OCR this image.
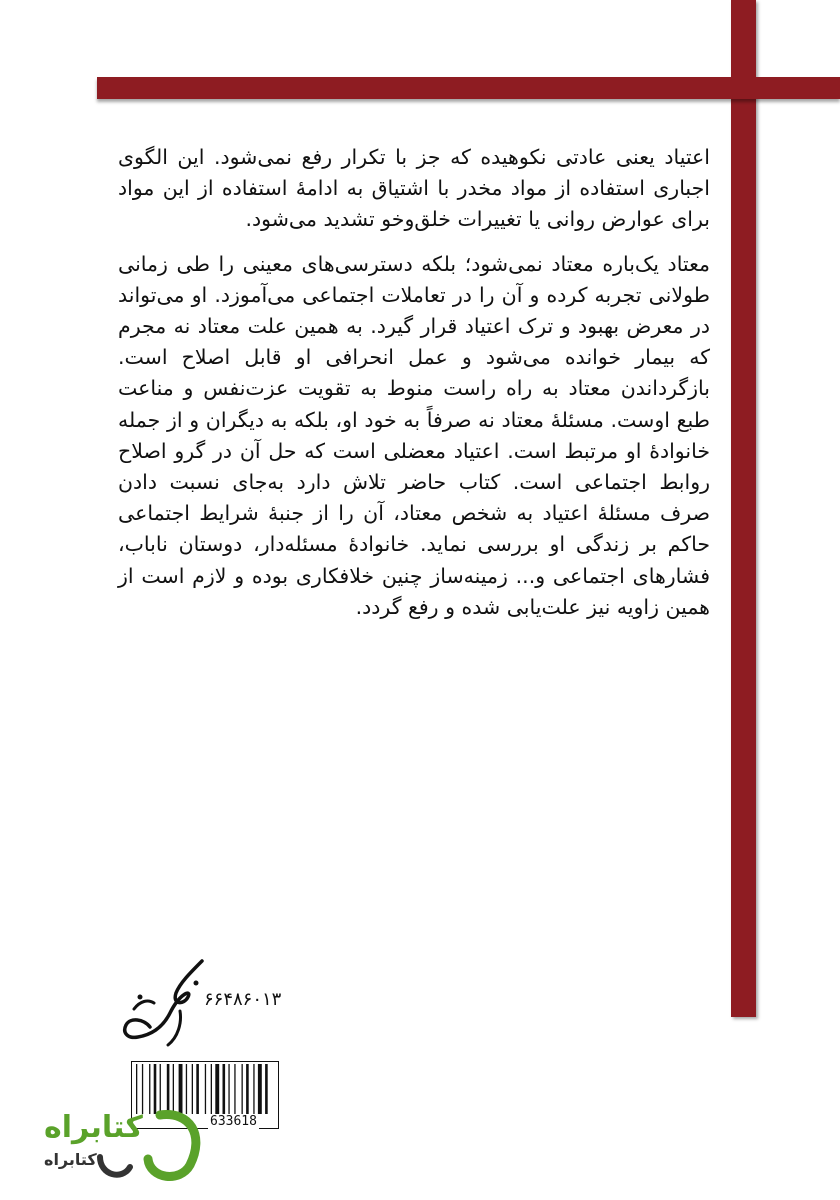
اعتیاد یعنی عادتی نکوهیده که جز با تکرار رفع نمی‌شود. این الگوی اجباری استفاده از مواد مخدر با اشتیاق به ادامهٔ استفاده از این مواد برای عوارض روانی یا تغییرات خلق‌وخو تشدید می‌شود.

معتاد یک‌باره معتاد نمی‌شود؛ بلکه دسترسی‌های معینی را طی زمانی طولانی تجربه کرده و آن را در تعاملات اجتماعی می‌آموزد. او می‌تواند در معرض بهبود و ترک اعتیاد قرار گیرد. به همین علت معتاد نه مجرم که بیمار خوانده می‌شود و عمل انحرافی او قابل اصلاح است. بازگرداندن معتاد به راه راست منوط به تقویت عزت‌نفس و مناعت طبع اوست. مسئلهٔ معتاد نه صرفاً به خود او، بلکه به دیگران و از جمله خانوادهٔ او مرتبط است. اعتیاد معضلی است که حل آن در گرو اصلاح روابط اجتماعی است. کتاب حاضر تلاش دارد به‌جای نسبت دادن صرف مسئلهٔ اعتیاد به شخص معتاد، آن را از جنبهٔ شرایط اجتماعی حاکم بر زندگی او بررسی نماید. خانوادهٔ مسئله‌دار، دوستان ناباب، فشارهای اجتماعی و... زمینه‌ساز چنین خلافکاری بوده و لازم است از همین زاویه نیز علت‌یابی شده و رفع گردد.

۶۶۴۸۶۰۱۳
633618
کتابراه
کتابراه
